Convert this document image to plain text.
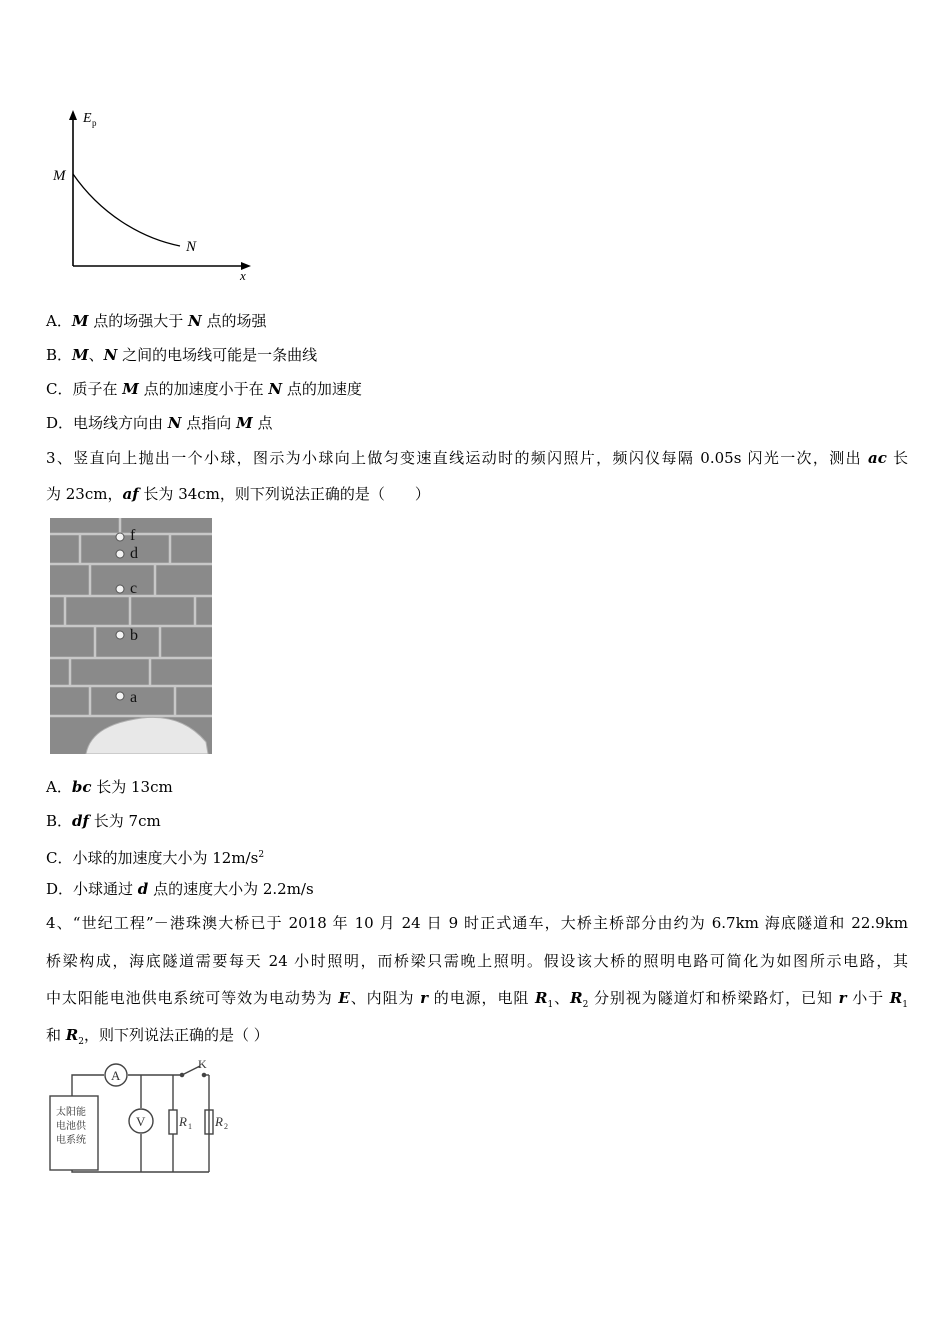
E p
x
M
N
A．M 点的场强大于 N 点的场强
B．M、N 之间的电场线可能是一条曲线
C．质子在 M 点的加速度小于在 N 点的加速度
D．电场线方向由 N 点指向 M 点
3、竖直向上抛出一个小球，图示为小球向上做匀变速直线运动时的频闪照片，频闪仪每隔 0.05s 闪光一次，测出 ac 长
为 23cm，af 长为 34cm，则下列说法正确的是（　　）
f
d
c
b
a
A．bc 长为 13cm
B．df 长为 7cm
C．小球的加速度大小为 $12m/s^2$
D．小球通过 d 点的速度大小为 2.2m/s
4、“世纪工程”－港珠澳大桥已于 2018 年 10 月 24 日 9 时正式通车，大桥主桥部分由约为 6.7km 海底隧道和 22.9km
桥梁构成，海底隧道需要每天 24 小时照明，而桥梁只需晚上照明。假设该大桥的照明电路可简化为如图所示电路，其
中太阳能电池供电系统可等效为电动势为 E、内阻为 r 的电源，电阻 $R_1$、$R_2$ 分别视为隧道灯和桥梁路灯，已知 r 小于 $R_1$
和 $R_2$，则下列说法正确的是（ ）
太阳能
电池供
电系统
A
V
K
R 1 R 2
